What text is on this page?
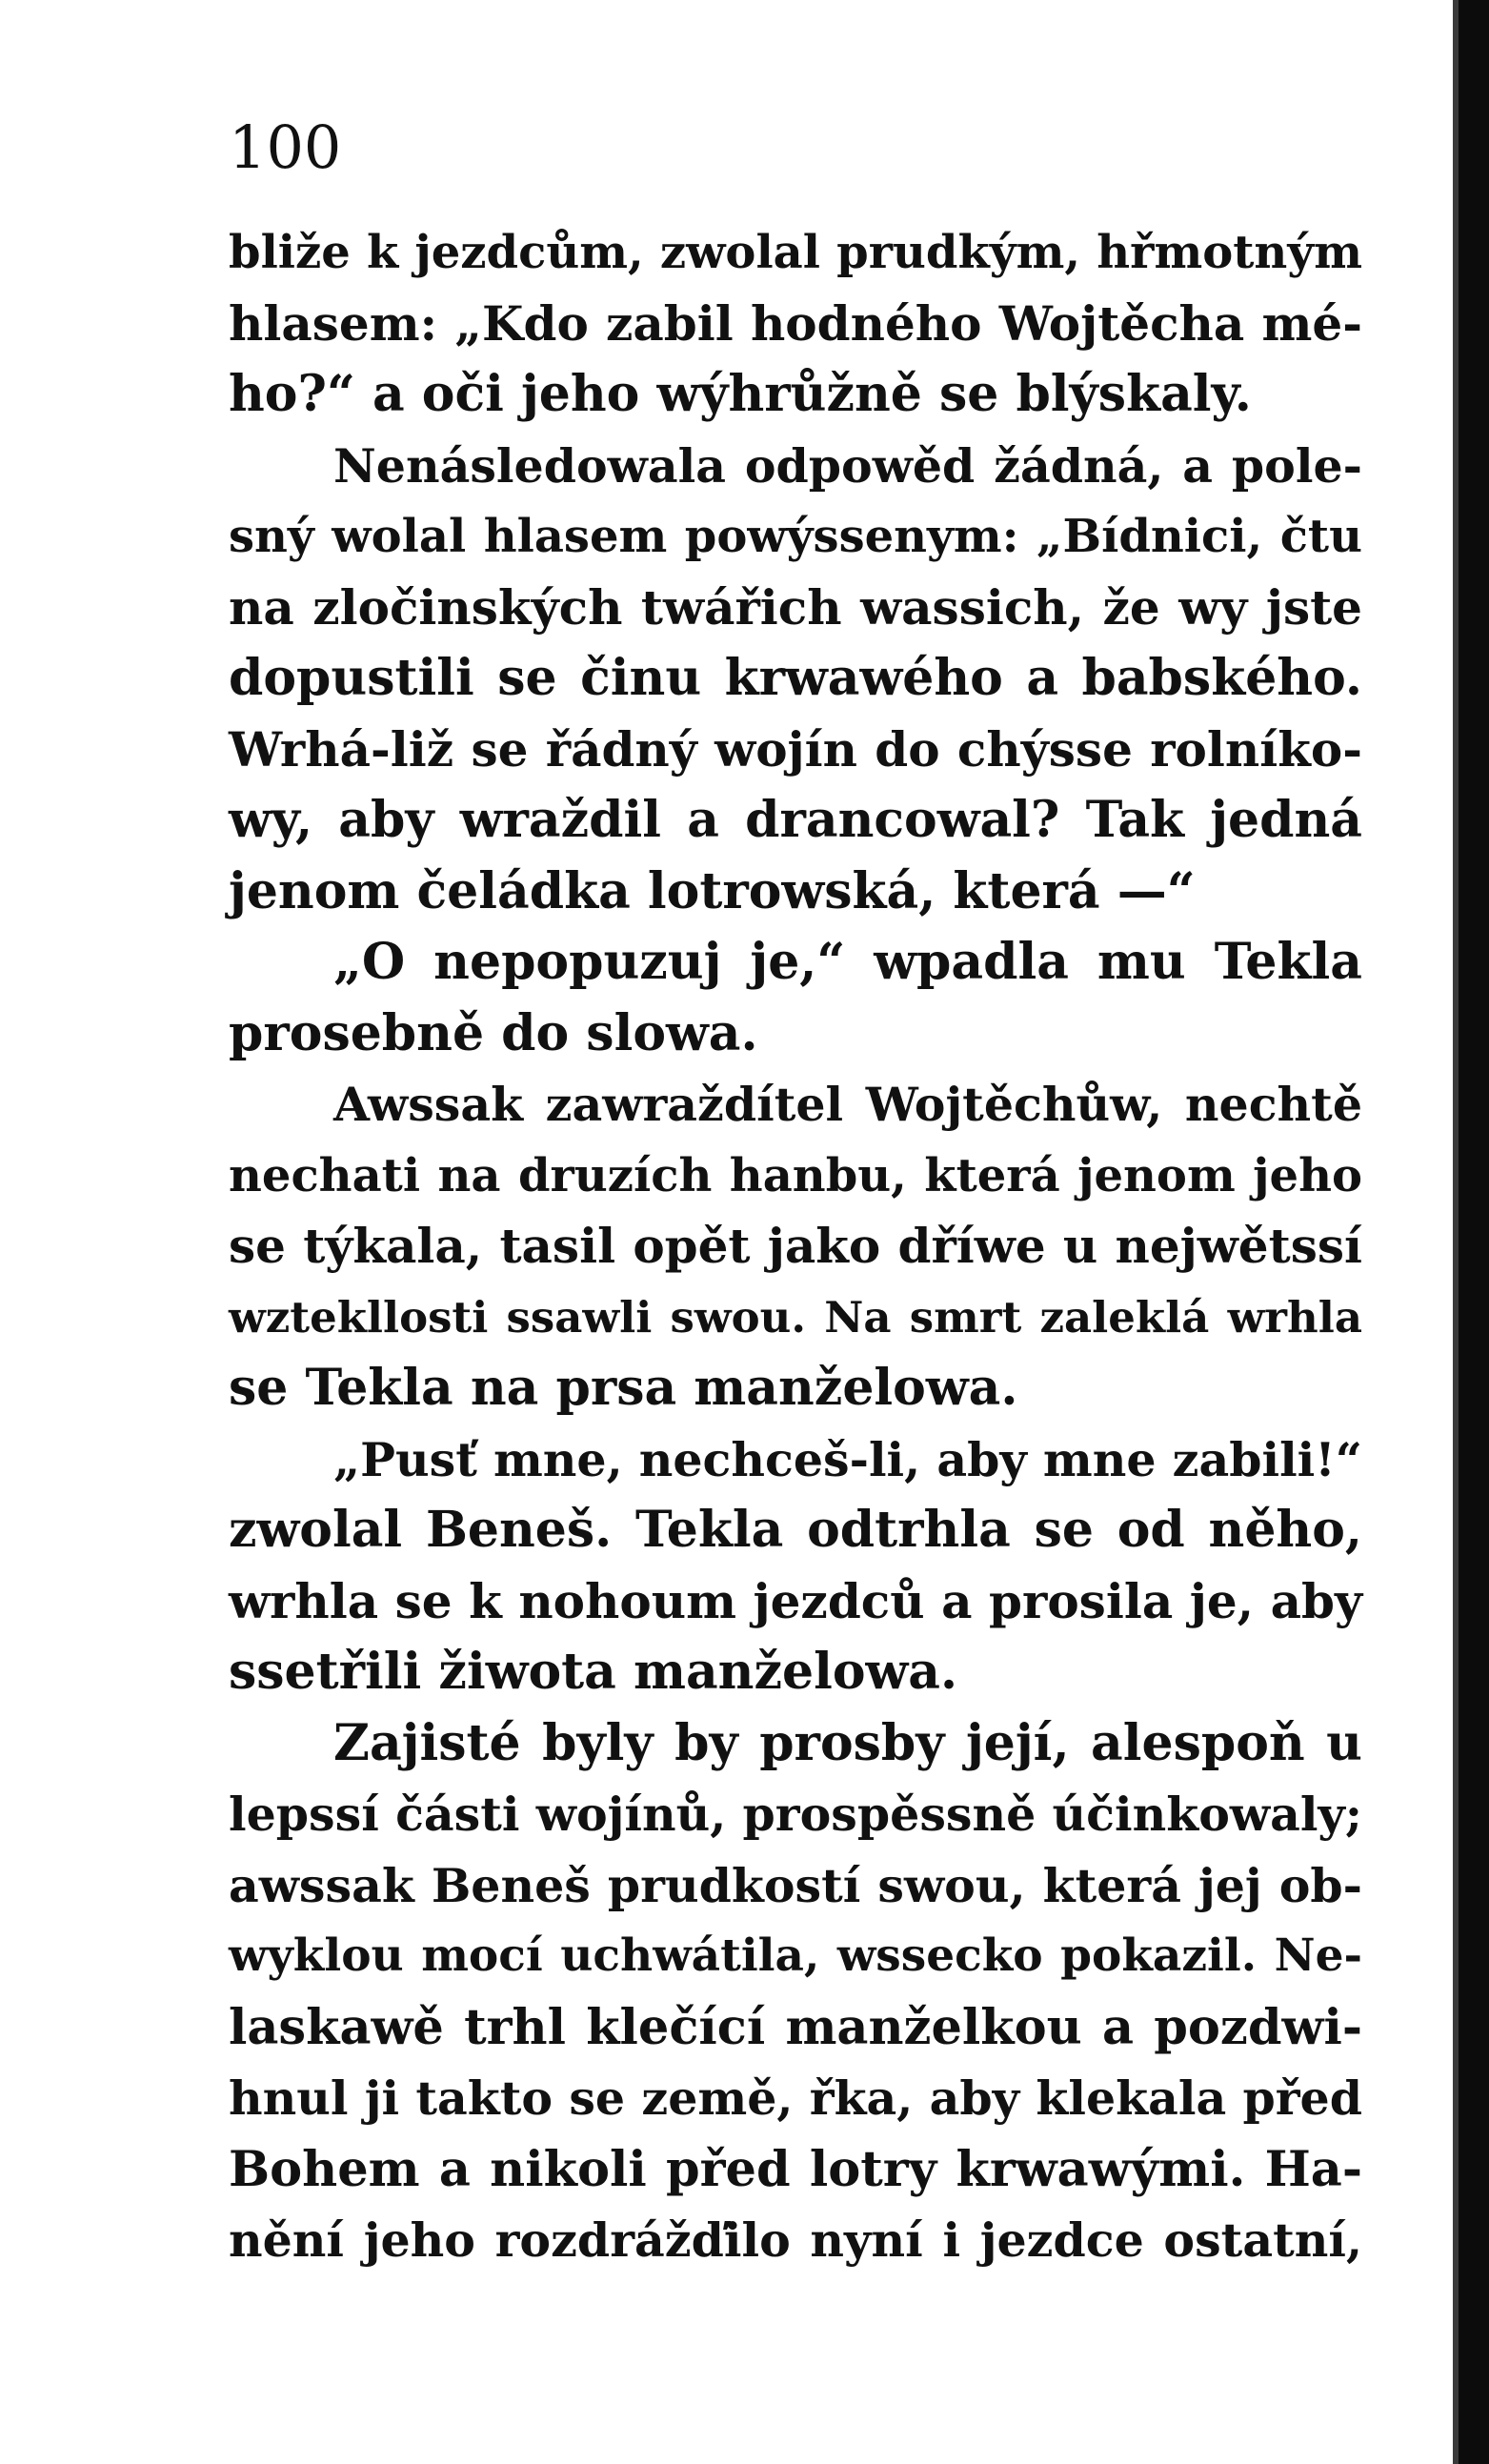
100

bliže k jezdcům, zwolal prudkým, hřmotným
hlasem: „Kdo zabil hodného Wojtěcha mé-
ho?“ a oči jeho wýhrůžně se blýskaly.
Nenásledowala odpowěd žádná, a pole-
sný wolal hlasem powýssenym: „Bídnici, čtu
na zločinských twářich wassich, že wy jste
dopustili se činu krwawého a babského.
Wrhá-liž se řádný wojín do chýsse rolníko-
wy, aby wraždil a drancowal? Tak jedná
jenom čeládka lotrowská, která —“
„O nepopuzuj je,“ wpadla mu Tekla
prosebně do slowa.
Awssak zawraždítel Wojtěchůw, nechtě
nechati na druzích hanbu, která jenom jeho
se týkala, tasil opět jako dříwe u nejwětssí
wztekllosti ssawli swou. Na smrt zaleklá wrhla
se Tekla na prsa manželowa.
„Pusť mne, nechceš-li, aby mne zabili!“
zwolal Beneš. Tekla odtrhla se od něho,
wrhla se k nohoum jezdců a prosila je, aby
ssetřili žiwota manželowa.
Zajisté byly by prosby její, alespoň u
lepssí části wojínů, prospěssně účinkowaly;
awssak Beneš prudkostí swou, která jej ob-
wyklou mocí uchwátila, wssecko pokazil. Ne-
laskawě trhl klečící manželkou a pozdwi-
hnul ji takto se země, řka, aby klekala před
Bohem a nikoli před lotry krwawými. Ha-
nění jeho rozdrážďilo nyní i jezdce ostatní,
